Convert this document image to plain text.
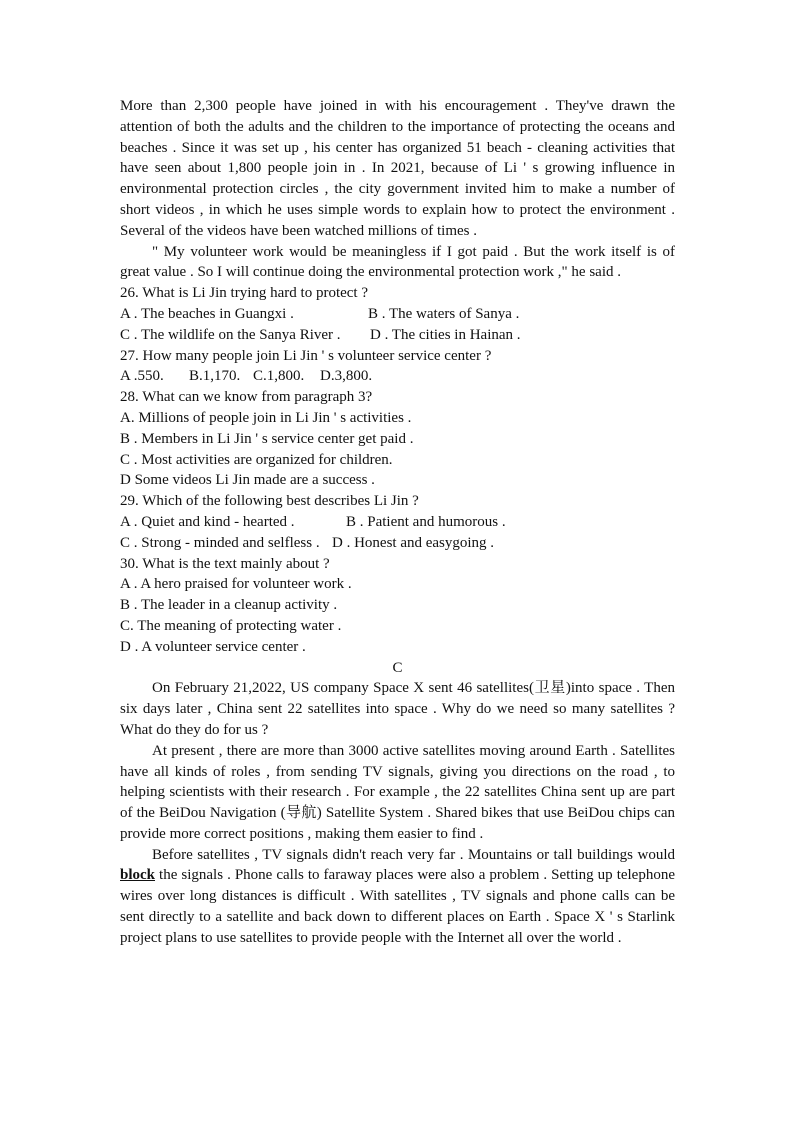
More than 2,300 people have joined in with his encouragement . They've drawn the attention of both the adults and the children to the importance of protecting the oceans and beaches . Since it was set up , his center has organized 51 beach - cleaning activities that have seen about 1,800 people join in . In 2021, because of Li ' s growing influence in environmental protection circles , the city government invited him to make a number of short videos , in which he uses simple words to explain how to protect the environment . Several of the videos have been watched millions of times .

" My volunteer work would be meaningless if I got paid . But the work itself is of great value . So I will continue doing the environmental protection work ," he said .

26. What is Li Jin trying hard to protect ?
A . The beaches in Guangxi .	B . The waters of Sanya .
C . The wildlife on the Sanya River . D . The cities in Hainan .
27. How many people join Li Jin ' s volunteer service center ?
A .550. B.1,170. C.1,800. D.3,800.
28. What can we know from paragraph 3?
A. Millions of people join in Li Jin ' s activities .
B . Members in Li Jin ' s service center get paid .
C . Most activities are organized for children.
D Some videos Li Jin made are a success .
29. Which of the following best describes Li Jin ?
A . Quiet and kind - hearted .	B . Patient and humorous .
C . Strong - minded and selfless . D . Honest and easygoing .
30. What is the text mainly about ?
A . A hero praised for volunteer work .
B . The leader in a cleanup activity .
C. The meaning of protecting water .
D . A volunteer service center .
C

On February 21,2022, US company Space X sent 46 satellites(卫星)into space . Then six days later , China sent 22 satellites into space . Why do we need so many satellites ? What do they do for us ?

At present , there are more than 3000 active satellites moving around Earth . Satellites have all kinds of roles , from sending TV signals, giving you directions on the road , to helping scientists with their research . For example , the 22 satellites China sent up are part of the BeiDou Navigation (导航) Satellite System . Shared bikes that use BeiDou chips can provide more correct positions , making them easier to find .

Before satellites , TV signals didn't reach very far . Mountains or tall buildings would block the signals . Phone calls to faraway places were also a problem . Setting up telephone wires over long distances is difficult . With satellites , TV signals and phone calls can be sent directly to a satellite and back down to different places on Earth . Space X ' s Starlink project plans to use satellites to provide people with the Internet all over the world .
